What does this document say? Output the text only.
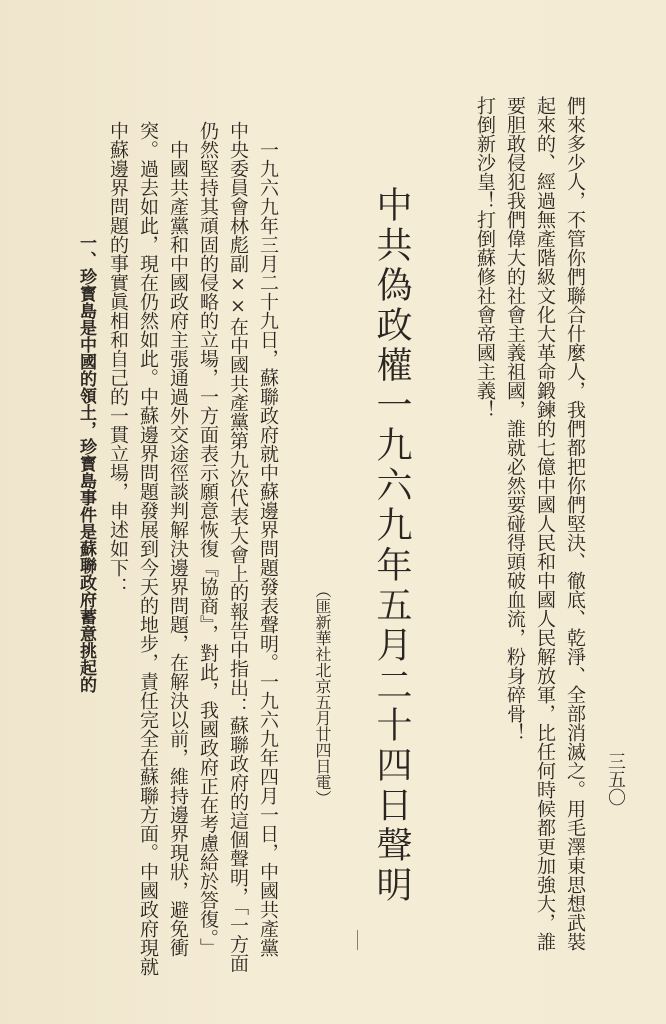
們來多少人，不管你們聯合什麼人，我們都把你們堅決、徹底、乾淨、全部消滅之。用毛澤東思想武裝
起來的、經過無產階級文化大革命鍛鍊的七億中國人民和中國人民解放軍，比任何時候都更加強大，誰
要胆敢侵犯我們偉大的社會主義祖國，誰就必然要碰得頭破血流，粉身碎骨！
打倒新沙皇！打倒蘇修社會帝國主義！
三五〇
中共偽政權一九六九年五月二十四日聲明
（匪新華社北京五月廿四日電）
一九六九年三月二十九日，蘇聯政府就中蘇邊界問題發表聲明。一九六九年四月一日，中國共產黨
中央委員會林彪副××在中國共產黨第九次代表大會上的報告中指出：蘇聯政府的這個聲明，「一方面
仍然堅持其頑固的侵略的立場，一方面表示願意恢復『協商』，對此，我國政府正在考慮給於答復。」
中國共產黨和中國政府主張通過外交途徑談判解決邊界問題，在解決以前，維持邊界現狀，避免衝
突。過去如此，現在仍然如此。中蘇邊界問題發展到今天的地步，責任完全在蘇聯方面。中國政府現就
中蘇邊界問題的事實眞相和自己的一貫立場，申述如下：
一、珍寳島是中國的領土，珍寳島事件是蘇聯政府蓄意挑起的
